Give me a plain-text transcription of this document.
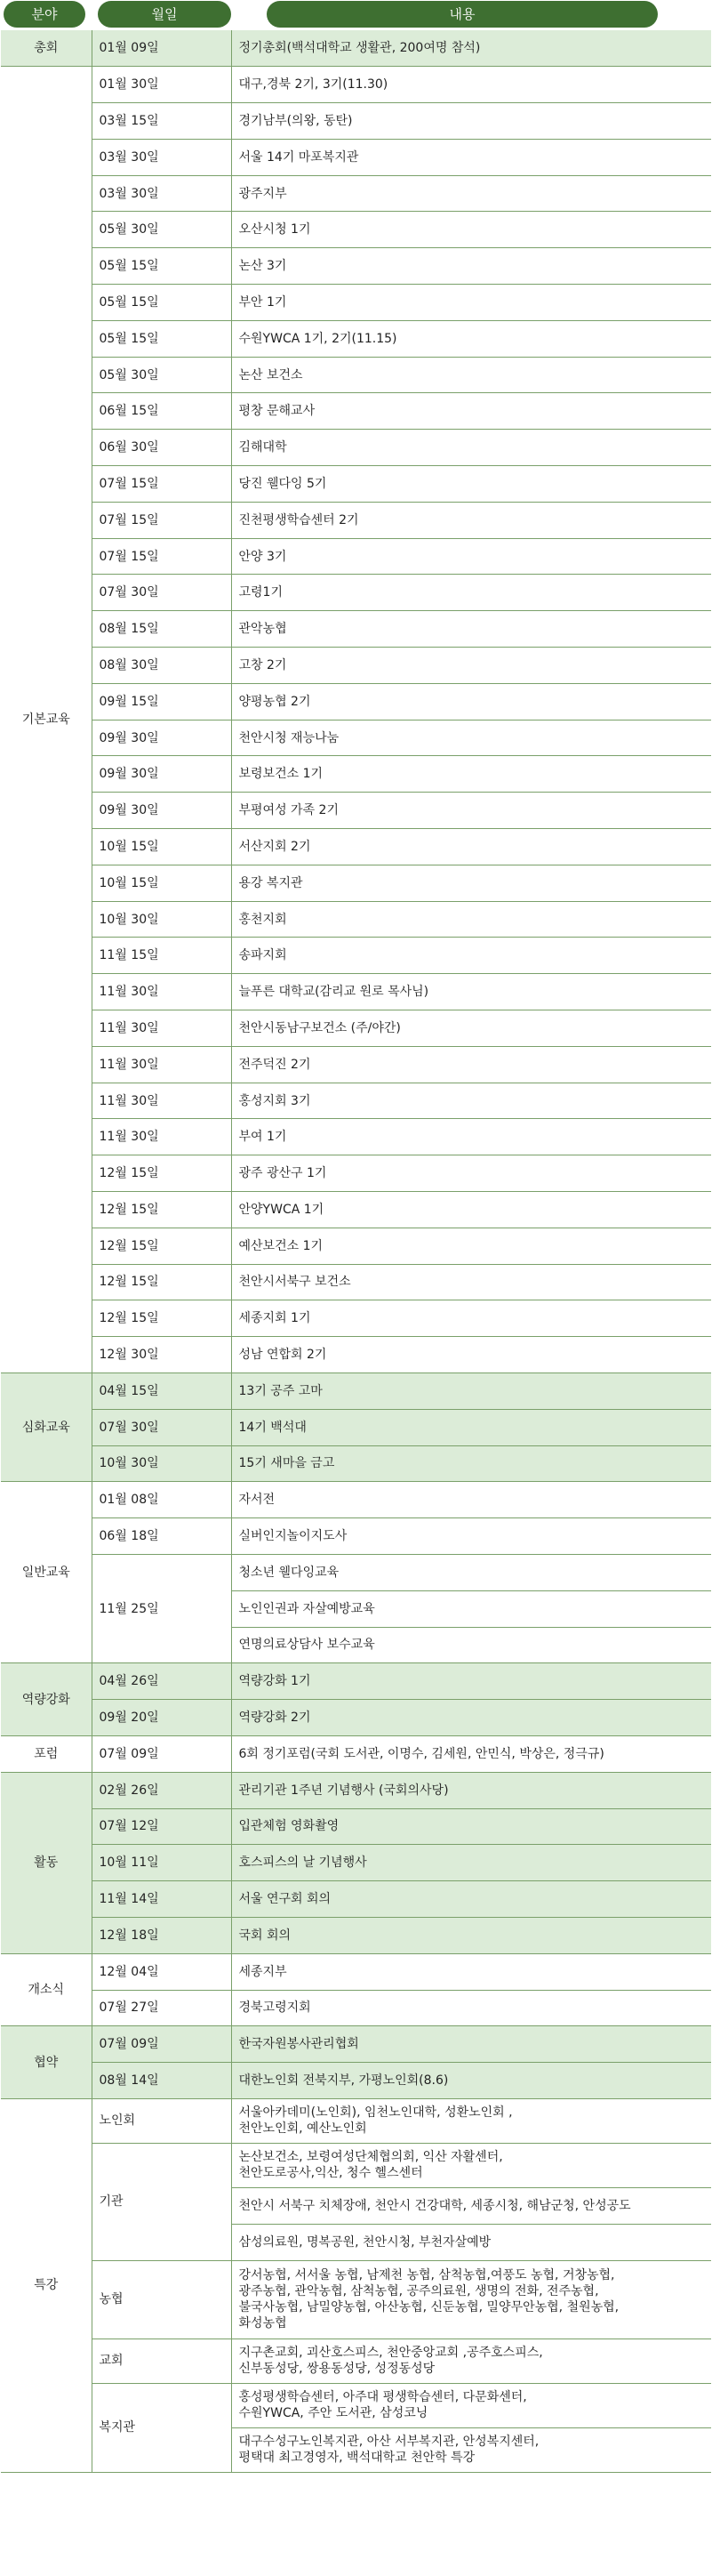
분야	월일	내용
총회	01월 09일	정기총회(백석대학교 생활관, 200여명 참석)
기본교육	01월 30일	대구,경북 2기, 3기(11.30)
	03월 15일	경기남부(의왕, 동탄)
	03월 30일	서울 14기 마포복지관
	03월 30일	광주지부
	05월 30일	오산시청 1기
	05월 15일	논산 3기
	05월 15일	부안 1기
	05월 15일	수원YWCA 1기, 2기(11.15)
	05월 30일	논산 보건소
	06월 15일	평창 문해교사
	06월 30일	김해대학
	07월 15일	당진 웰다잉 5기
	07월 15일	진천평생학습센터 2기
	07월 15일	안양 3기
	07월 30일	고령1기
	08월 15일	관악농협
	08월 30일	고창 2기
	09월 15일	양평농협 2기
	09월 30일	천안시청 재능나눔
	09월 30일	보령보건소 1기
	09월 30일	부평여성 가족 2기
	10월 15일	서산지회 2기
	10월 15일	용강 복지관
	10월 30일	홍천지회
	11월 15일	송파지회
	11월 30일	늘푸른 대학교(감리교 원로 목사님)
	11월 30일	천안시동남구보건소 (주/야간)
	11월 30일	전주덕진 2기
	11월 30일	홍성지회 3기
	11월 30일	부여 1기
	12월 15일	광주 광산구 1기
	12월 15일	안양YWCA 1기
	12월 15일	예산보건소 1기
	12월 15일	천안시서북구 보건소
	12월 15일	세종지회 1기
	12월 30일	성남 연합회 2기
심화교육	04월 15일	13기 공주 고마
	07월 30일	14기 백석대
	10월 30일	15기 새마을 금고
일반교육	01월 08일	자서전
	06월 18일	실버인지놀이지도사
	11월 25일	청소년 웰다잉교육
		노인인권과 자살예방교육
		연명의료상담사 보수교육
역량강화	04월 26일	역량강화 1기
	09월 20일	역량강화 2기
포럼	07월 09일	6회 정기포럼(국회 도서관, 이명수, 김세원, 안민식, 박상은, 정극규)
활동	02월 26일	관리기관 1주년 기념행사 (국회의사당)
	07월 12일	입관체험 영화촬영
	10월 11일	호스피스의 날 기념행사
	11월 14일	서울 연구회 회의
	12월 18일	국회 회의
개소식	12월 04일	세종지부
	07월 27일	경북고령지회
협약	07월 09일	한국자원봉사관리협회
	08월 14일	대한노인회 전북지부, 가평노인회(8.6)
특강	노인회	서울아카데미(노인회), 임천노인대학, 성환노인회 ,
천안노인회, 예산노인회
	기관	논산보건소, 보령여성단체협의회, 익산 자활센터,
천안도로공사,익산, 청수 헬스센터
		천안시 서북구 치체장애, 천안시 건강대학, 세종시청, 해남군청, 안성공도
		삼성의료원, 명복공원, 천안시청, 부천자살예방
	농협	강서농협, 서서울 농협, 남제천 농협, 삼척농협,여풍도 농협, 거창농협,
광주농협, 관악농협, 삼척농협, 공주의료원, 생명의 전화, 전주농협,
불국사농협, 남밀양농협, 아산농협, 신둔농협, 밀양무안농협, 철원농협,
화성농협
	교회	지구촌교회, 괴산호스피스, 천안중앙교회 ,공주호스피스,
신부동성당, 쌍용동성당, 성정동성당
	복지관	홍성평생학습센터, 아주대 평생학습센터, 다문화센터,
수원YWCA, 주안 도서관, 삼성코닝
		대구수성구노인복지관, 아산 서부복지관, 안성복지센터,
평택대 최고경영자, 백석대학교 천안학 특강
